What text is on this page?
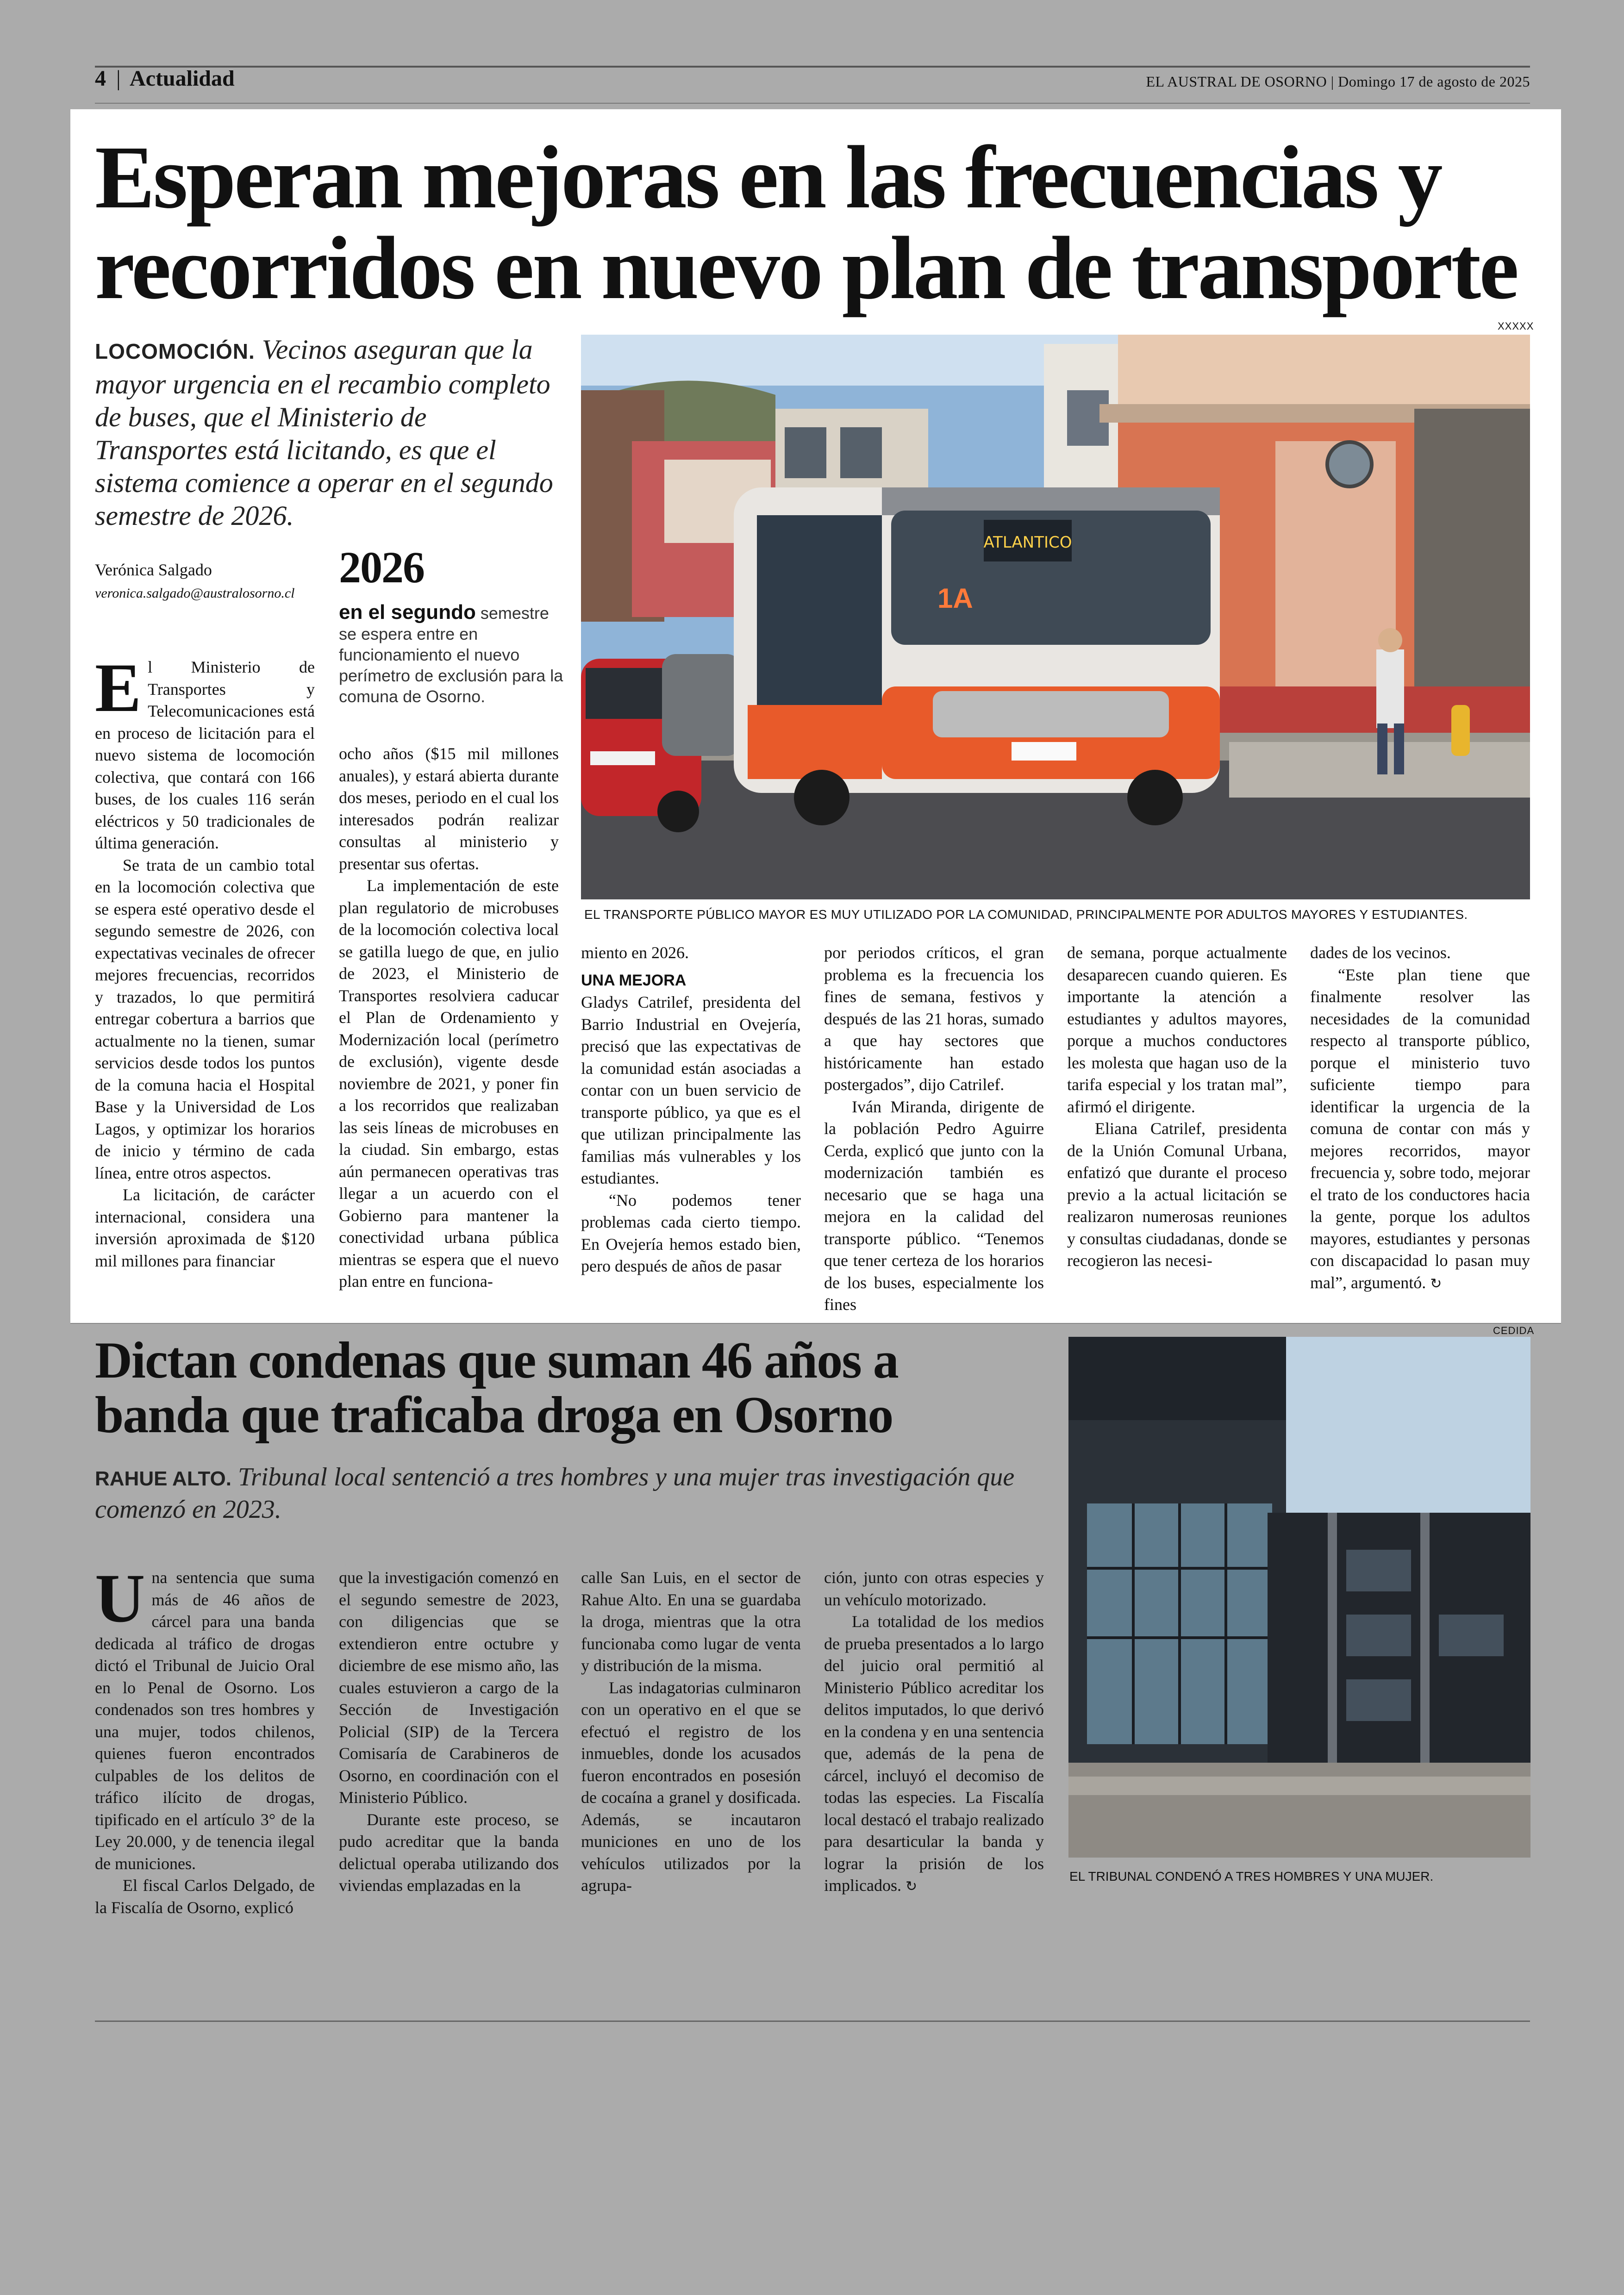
4 | Actualidad	EL AUSTRAL DE OSORNO | Domingo 17 de agosto de 2025
Esperan mejoras en las frecuencias y recorridos en nuevo plan de transporte
LOCOMOCIÓN. Vecinos aseguran que la mayor urgencia en el recambio completo de buses, que el Ministerio de Transportes está licitando, es que el sistema comience a operar en el segundo semestre de 2026.
Verónica Salgado
veronica.salgado@australosorno.cl
2026
en el segundo semestre se espera entre en funcionamiento el nuevo perímetro de exclusión para la comuna de Osorno.
XXXXX
ATLANTICO
1A
EL TRANSPORTE PÚBLICO MAYOR ES MUY UTILIZADO POR LA COMUNIDAD, PRINCIPALMENTE POR ADULTOS MAYORES Y ESTUDIANTES.

El Ministerio de Transportes y Telecomunicaciones está en proceso de licitación para el nuevo sistema de locomoción colectiva, que contará con 166 buses, de los cuales 116 serán eléctricos y 50 tradicionales de última generación.

Se trata de un cambio total en la locomoción colectiva que se espera esté operativo desde el segundo semestre de 2026, con expectativas vecinales de ofrecer mejores frecuencias, recorridos y trazados, lo que permitirá entregar cobertura a barrios que actualmente no la tienen, sumar servicios desde todos los puntos de la comuna hacia el Hospital Base y la Universidad de Los Lagos, y optimizar los horarios de inicio y término de cada línea, entre otros aspectos.

La licitación, de carácter internacional, considera una inversión aproximada de $120 mil millones para financiar

ocho años ($15 mil millones anuales), y estará abierta durante dos meses, periodo en el cual los interesados podrán realizar consultas al ministerio y presentar sus ofertas.

La implementación de este plan regulatorio de microbuses de la locomoción colectiva local se gatilla luego de que, en julio de 2023, el Ministerio de Transportes resolviera caducar el Plan de Ordenamiento y Modernización local (perímetro de exclusión), vigente desde noviembre de 2021, y poner fin a los recorridos que realizaban las seis líneas de microbuses en la ciudad. Sin embargo, estas aún permanecen operativas tras llegar a un acuerdo con el Gobierno para mantener la conectividad urbana pública mientras se espera que el nuevo plan entre en funciona-

miento en 2026.

UNA MEJORA

Gladys Catrilef, presidenta del Barrio Industrial en Ovejería, precisó que las expectativas de la comunidad están asociadas a contar con un buen servicio de transporte público, ya que es el que utilizan principalmente las familias más vulnerables y los estudiantes.

“No podemos tener problemas cada cierto tiempo. En Ovejería hemos estado bien, pero después de años de pasar

por periodos críticos, el gran problema es la frecuencia los fines de semana, festivos y después de las 21 horas, sumado a que hay sectores que históricamente han estado postergados”, dijo Catrilef.

Iván Miranda, dirigente de la población Pedro Aguirre Cerda, explicó que junto con la modernización también es necesario que se haga una mejora en la calidad del transporte público. “Tenemos que tener certeza de los horarios de los buses, especialmente los fines

de semana, porque actualmente desaparecen cuando quieren. Es importante la atención a estudiantes y adultos mayores, porque a muchos conductores les molesta que hagan uso de la tarifa especial y los tratan mal”, afirmó el dirigente.

Eliana Catrilef, presidenta de la Unión Comunal Urbana, enfatizó que durante el proceso previo a la actual licitación se realizaron numerosas reuniones y consultas ciudadanas, donde se recogieron las necesi-

dades de los vecinos.

“Este plan tiene que finalmente resolver las necesidades de la comunidad respecto al transporte público, porque el ministerio tuvo suficiente tiempo para identificar la urgencia de la comuna de contar con más y mejores recorridos, mayor frecuencia y, sobre todo, mejorar el trato de los conductores hacia la gente, porque los adultos mayores, estudiantes y personas con discapacidad lo pasan muy mal”, argumentó. ↻

CEDIDA
Dictan condenas que suman 46 años a banda que traficaba droga en Osorno
RAHUE ALTO. Tribunal local sentenció a tres hombres y una mujer tras investigación que comenzó en 2023.
EL TRIBUNAL CONDENÓ A TRES HOMBRES Y UNA MUJER.

Una sentencia que suma más de 46 años de cárcel para una banda dedicada al tráfico de drogas dictó el Tribunal de Juicio Oral en lo Penal de Osorno. Los condenados son tres hombres y una mujer, todos chilenos, quienes fueron encontrados culpables de los delitos de tráfico ilícito de drogas, tipificado en el artículo 3° de la Ley 20.000, y de tenencia ilegal de municiones.

El fiscal Carlos Delgado, de la Fiscalía de Osorno, explicó

que la investigación comenzó en el segundo semestre de 2023, con diligencias que se extendieron entre octubre y diciembre de ese mismo año, las cuales estuvieron a cargo de la Sección de Investigación Policial (SIP) de la Tercera Comisaría de Carabineros de Osorno, en coordinación con el Ministerio Público.

Durante este proceso, se pudo acreditar que la banda delictual operaba utilizando dos viviendas emplazadas en la

calle San Luis, en el sector de Rahue Alto. En una se guardaba la droga, mientras que la otra funcionaba como lugar de venta y distribución de la misma.

Las indagatorias culminaron con un operativo en el que se efectuó el registro de los inmuebles, donde los acusados fueron encontrados en posesión de cocaína a granel y dosificada. Además, se incautaron municiones en uno de los vehículos utilizados por la agrupa-

ción, junto con otras especies y un vehículo motorizado.

La totalidad de los medios de prueba presentados a lo largo del juicio oral permitió al Ministerio Público acreditar los delitos imputados, lo que derivó en la condena y en una sentencia que, además de la pena de cárcel, incluyó el decomiso de todas las especies. La Fiscalía local destacó el trabajo realizado para desarticular la banda y lograr la prisión de los implicados. ↻
